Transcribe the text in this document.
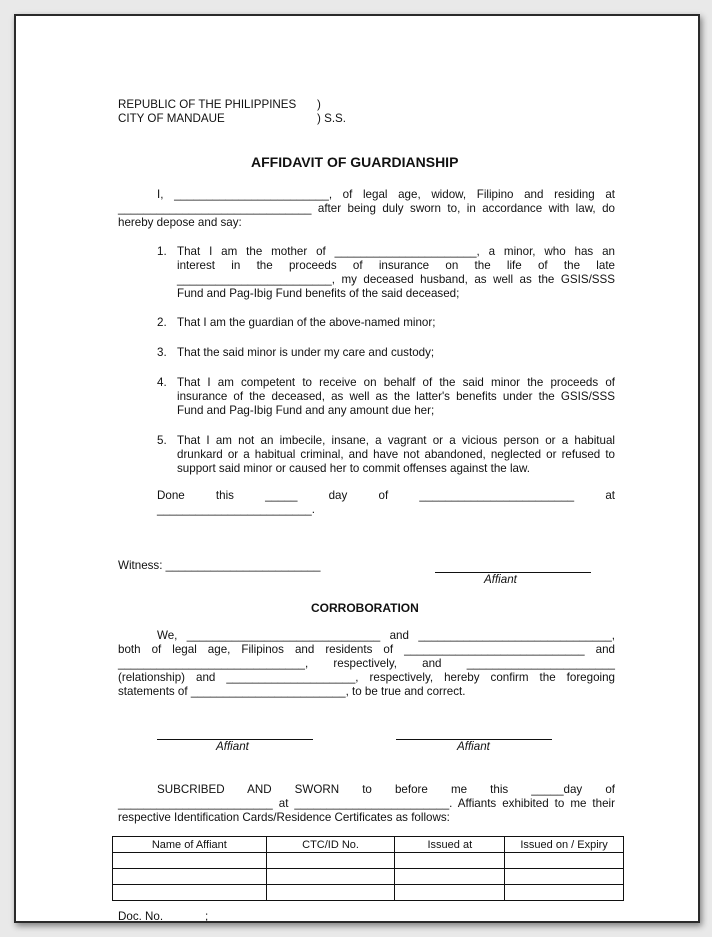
REPUBLIC OF THE PHILIPPINES )
CITY OF MANDAUE	) S.S.
AFFIDAVIT OF GUARDIANSHIP
I, ________________________, of legal age, widow, Filipino and residing at
______________________________ after being duly sworn to, in accordance with law, do
hereby depose and say:
1. That I am the mother of ______________________, a minor, who has an
interest in the proceeds of insurance on the life of the late
________________________, my deceased husband, as well as the GSIS/SSS
Fund and Pag-Ibig Fund benefits of the said deceased;
2. That I am the guardian of the above-named minor;
3. That the said minor is under my care and custody;
4. That I am competent to receive on behalf of the said minor the proceeds of
insurance of the deceased, as well as the latter's benefits under the GSIS/SSS
Fund and Pag-Ibig Fund and any amount due her;
5. That I am not an imbecile, insane, a vagrant or a vicious person or a habitual
drunkard or a habitual criminal, and have not abandoned, neglected or refused to
support said minor or caused her to commit offenses against the law.
Done this _____ day of ________________________ at
________________________.
Witness: ________________________
Affiant
CORROBORATION
We, ______________________________ and ______________________________,
both of legal age, Filipinos and residents of ____________________________ and
_____________________________, respectively, and _______________________
(relationship) and ____________________, respectively, hereby confirm the foregoing
statements of ________________________, to be true and correct.
Affiant	Affiant
SUBCRIBED AND SWORN to before me this _____day of
________________________ at ________________________. Affiants exhibited to me their
respective Identification Cards/Residence Certificates as follows:
Name of Affiant	CTC/ID No.	Issued at	Issued on / Expiry

Doc. No. ______;
